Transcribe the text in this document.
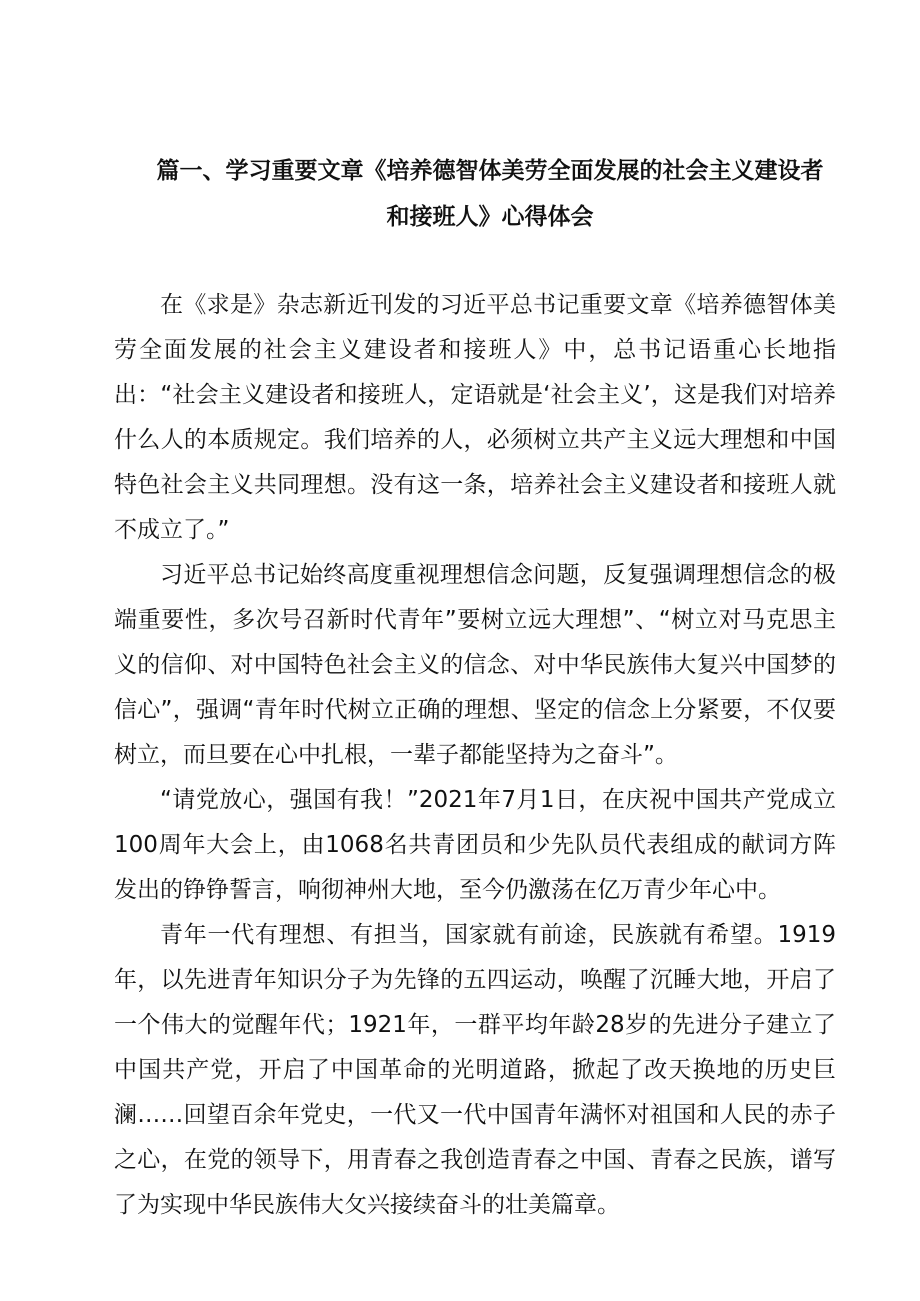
篇一、学习重要文章《培养德智体美劳全面发展的社会主义建设者
和接班人》心得体会

在《求是》杂志新近刊发的习近平总书记重要文章《培养德智体美劳全面发展的社会主义建设者和接班人》中，总书记语重心长地指出：“社会主义建设者和接班人，定语就是‘社会主义’，这是我们对培养什么人的本质规定。我们培养的人，必须树立共产主义远大理想和中国特色社会主义共同理想。没有这一条，培养社会主义建设者和接班人就不成立了。”

习近平总书记始终高度重视理想信念问题，反复强调理想信念的极端重要性，多次号召新时代青年”要树立远大理想”、“树立对马克思主义的信仰、对中国特色社会主义的信念、对中华民族伟大复兴中国梦的信心”，强调“青年时代树立正确的理想、坚定的信念上分紧要，不仅要树立，而旦要在心中扎根，一辈子都能坚持为之奋斗”。

“请党放心，强国有我！”2021年7月1日，在庆祝中国共产党成立100周年大会上，由1068名共青团员和少先队员代表组成的献词方阵发出的铮铮誓言，响彻神州大地，至今仍激荡在亿万青少年心中。

青年一代有理想、有担当，国家就有前途，民族就有希望。1919年，以先进青年知识分子为先锋的五四运动，唤醒了沉睡大地，开启了一个伟大的觉醒年代；1921年，一群平均年龄28岁的先进分子建立了中国共产党，开启了中国革命的光明道路，掀起了改天换地的历史巨澜……回望百余年党史，一代又一代中国青年满怀对祖国和人民的赤子之心，在党的领导下，用青春之我创造青春之中国、青春之民族，谱写了为实现中华民族伟大攵兴接续奋斗的壮美篇章。
